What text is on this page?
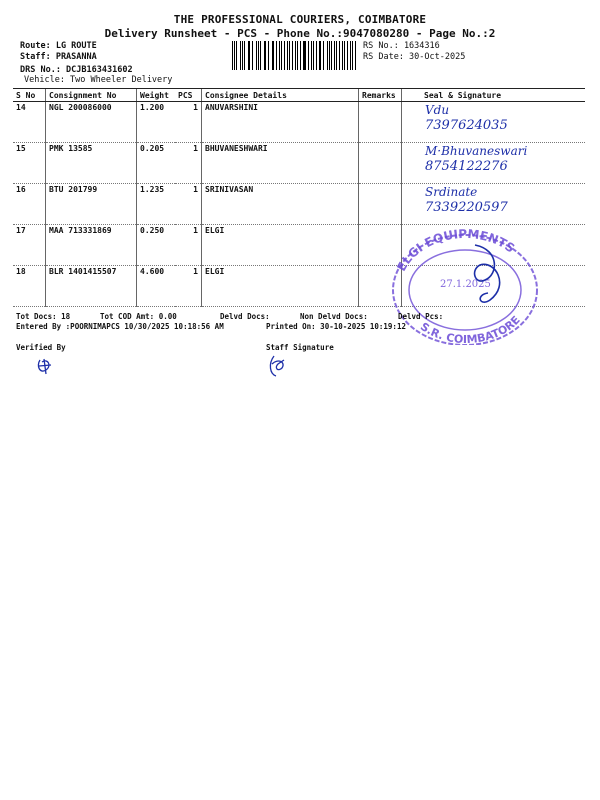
THE PROFESSIONAL COURIERS, COIMBATORE
Delivery Runsheet - PCS - Phone No.:9047080280 - Page No.:2
Route: LG ROUTE
Staff: PRASANNA
DRS No.: DCJB163431602
Vehicle: Two Wheeler Delivery
RS No.: 1634316
RS Date: 30-Oct-2025
S No	Consignment No	Weight	PCS	Consignee Details	Remarks	Seal & Signature
14	NGL 200086000	1.200	1	ANUVARSHINI		Vdu
7397624035

15	PMK 13585	0.205	1	BHUVANESHWARI		M·Bhuvaneswari
8754122276

16	BTU 201799	1.235	1	SRINIVASAN		Srdinate
7339220597

17	MAA 713331869	0.250	1	ELGI		
18	BLR 1401415507	4.600	1	ELGI			ELGI EQUIPMENTS
S.R. COIMBATORE
27.1.2025
Tot Docs: 18	Tot COD Amt: 0.00	Delvd Docs:	Non Delvd Docs:	Delvd Pcs:
Entered By :POORNIMAPCS 10/30/2025 10:18:56 AM	Printed On: 30-10-2025 10:19:12
Verified By	Staff Signature
